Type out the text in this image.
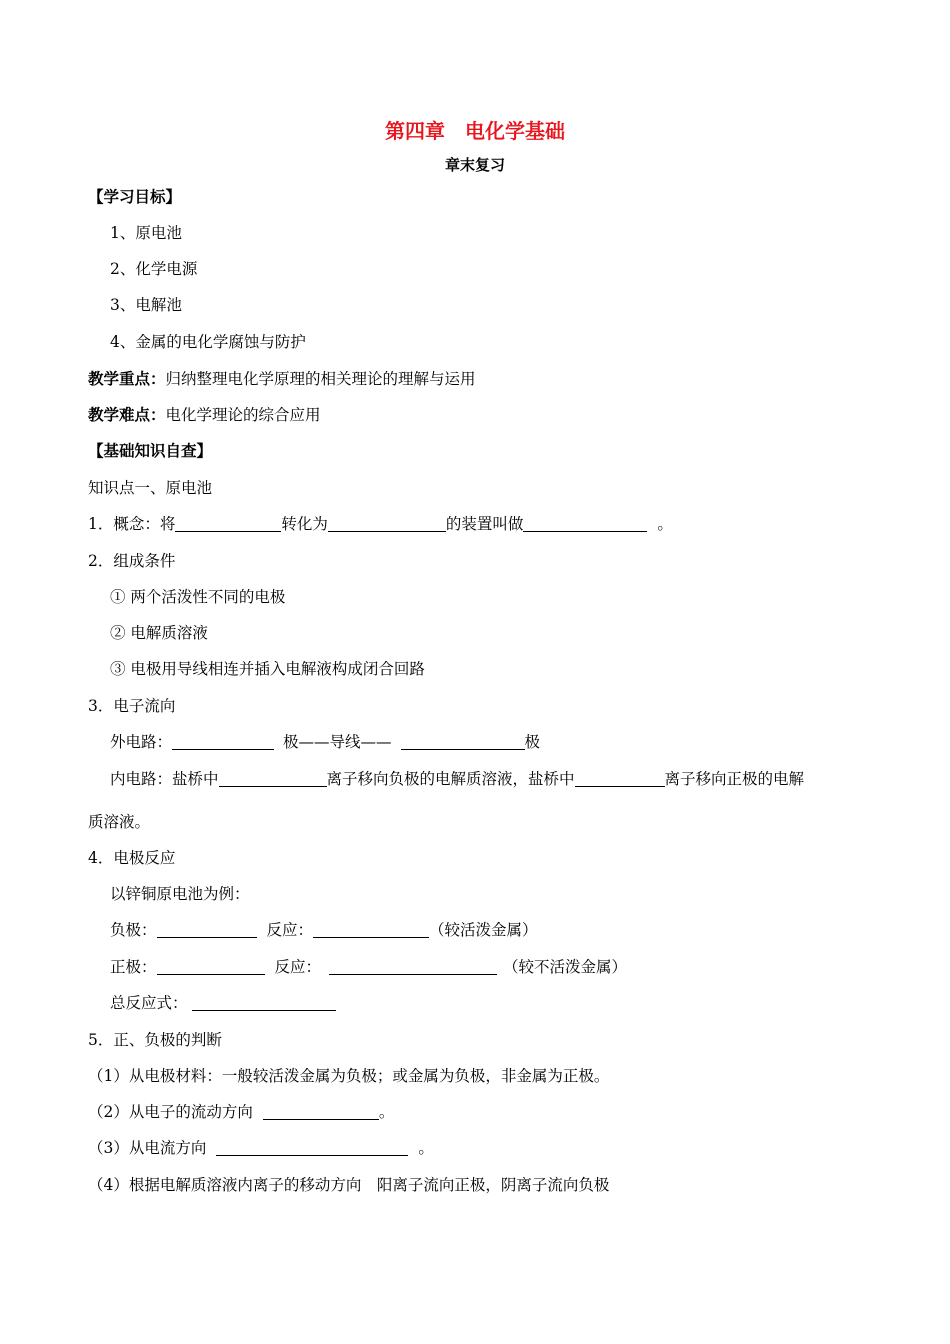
第四章　电化学基础
章末复习
【学习目标】
1、原电池
2、化学电源
3、电解池
4、金属的电化学腐蚀与防护
教学重点：归纳整理电化学原理的相关理论的理解与运用
教学难点：电化学理论的综合应用
【基础知识自查】
知识点一、原电池
1．概念：将	转化为	的装置叫做	。
2．组成条件
① 两个活泼性不同的电极
② 电解质溶液
③ 电极用导线相连并插入电解液构成闭合回路
3．电子流向
外电路：	极——导线——	极
内电路：盐桥中	离子移向负极的电解质溶液，盐桥中	离子移向正极的电解
质溶液。
4．电极反应
以锌铜原电池为例：
负极：	反应：	（较活泼金属）
正极：	反应：	（较不活泼金属）
总反应式：
5．正、负极的判断
（1）从电极材料：一般较活泼金属为负极；或金属为负极，非金属为正极。
（2）从电子的流动方向	。
（3）从电流方向	。
（4）根据电解质溶液内离子的移动方向　阳离子流向正极，阴离子流向负极
